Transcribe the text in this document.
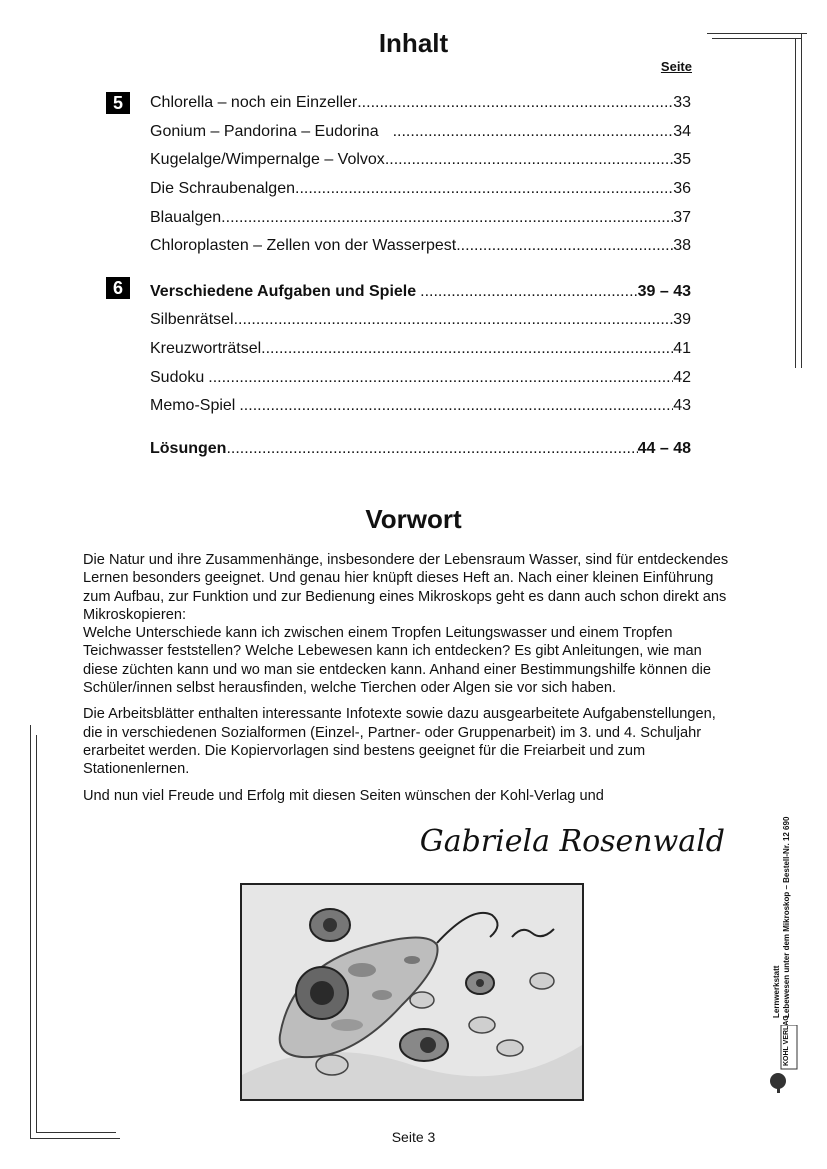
Inhalt
Seite
5	Chlorella – noch ein Einzeller .....	33
Gonium – Pandorina – Eudorina .....	34
Kugelalge/Wimpernalge – Volvox .....	35
Die Schraubenalgen .....	36
Blaualgen .....	37
Chloroplasten – Zellen von der Wasserpest .....	38
6	Verschiedene Aufgaben und Spiele .....	39 – 43
Silbenrätsel .....	39
Kreuzworträtsel .....	41
Sudoku .....	42
Memo-Spiel .....	43
Lösungen .....	44 – 48
Vorwort

Die Natur und ihre Zusammenhänge, insbesondere der Lebensraum Wasser, sind für entdeckendes Lernen besonders geeignet. Und genau hier knüpft dieses Heft an. Nach einer kleinen Einführung zum Aufbau, zur Funktion und zur Bedienung eines Mikroskops geht es dann auch schon direkt ans Mikroskopieren:
Welche Unterschiede kann ich zwischen einem Tropfen Leitungswasser und einem Tropfen Teichwasser feststellen? Welche Lebewesen kann ich entdecken? Es gibt Anleitungen, wie man diese züchten kann und wo man sie entdecken kann. Anhand einer Bestimmungshilfe können die Schüler/innen selbst herausfinden, welche Tierchen oder Algen sie vor sich haben.

Die Arbeitsblätter enthalten interessante Infotexte sowie dazu ausgearbeitete Aufgabenstellungen, die in verschiedenen Sozialformen (Einzel-, Partner- oder Gruppenarbeit) im 3. und 4. Schuljahr erarbeitet werden. Die Kopiervorlagen sind bestens geeignet für die Freiarbeit und zum Stationenlernen.

Und nun viel Freude und Erfolg mit diesen Seiten wünschen der Kohl-Verlag und

Gabriela Rosenwald
Seite 3
Lernwerkstatt Lebewesen unter dem Mikroskop – Bestell-Nr. 12 690
KOHL VERLAG
